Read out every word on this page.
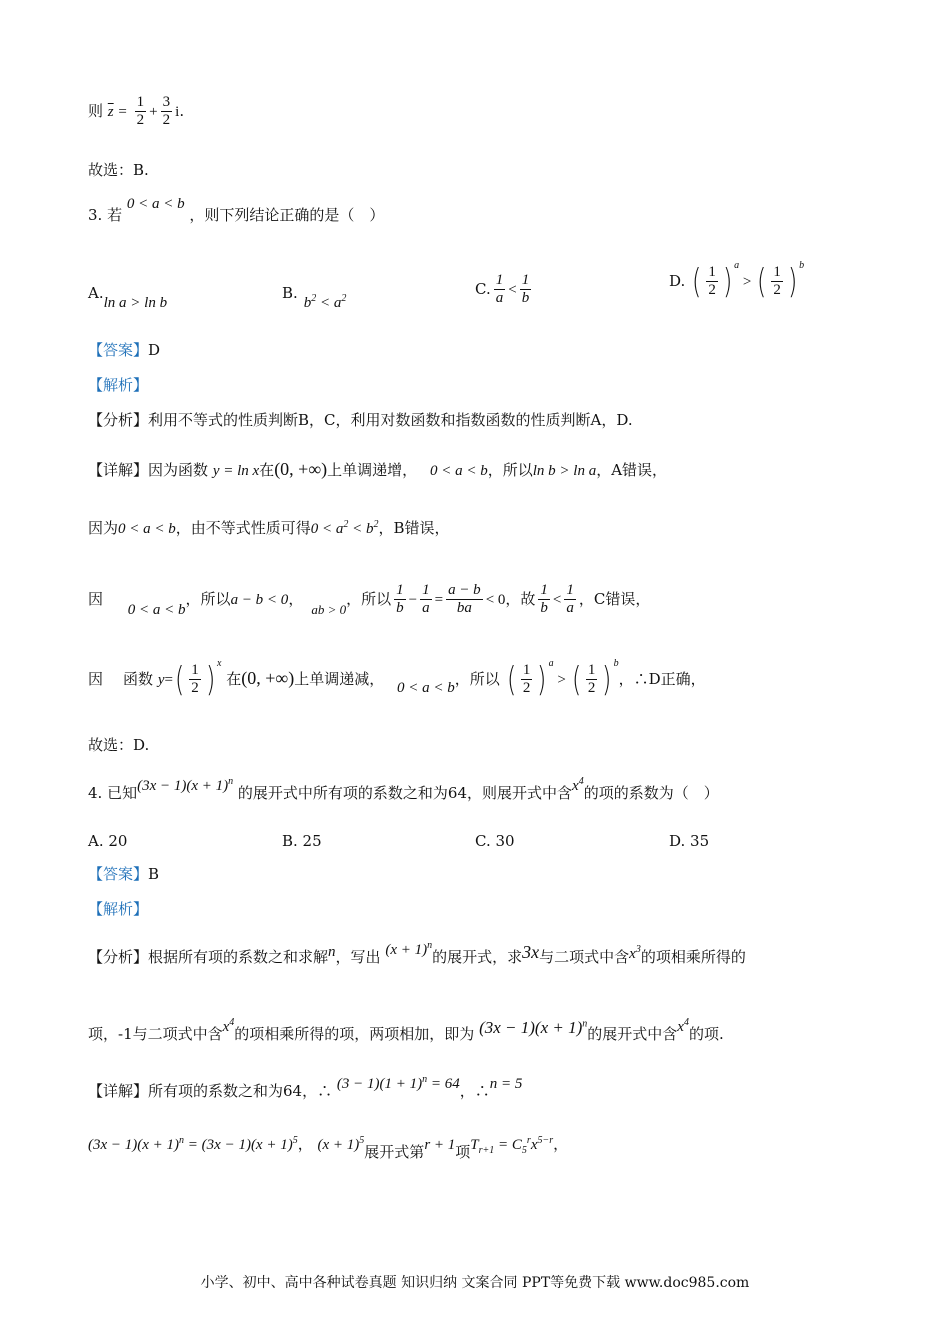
则 $\overline{z} = \frac{1}{2} + \frac{3}{2} i$.
故选：B.
3. 若 0 < a < b ，则下列结论正确的是（　）
A.ln a > ln b
$B.b^2 < a^2$
C. $\frac{1}{a} < \frac{1}{b}$	D. ( $\frac{1}{2}$ ) $^a$ > ( $\frac{1}{2}$ ) $^b$
【答案】D
【解析】
【分析】利用不等式的性质判断B，C，利用对数函数和指数函数的性质判断A，D.
【详解】因为函数 y = ln x在(0, +∞)上单调递增， 0 < a < b，所以ln b > ln a，A错误，
因为0 < a < b，由不等式性质可得$0 < a^2 < b^2$，B错误，
因 0 < a < b，所以a − b < 0，ab > 0，所以 $\frac{1}{b} - \frac{1}{a} = \frac{a - b}{ba} < 0$，故 $\frac{1}{b} < \frac{1}{a}$ ，C错误，
因 函数 y= ( $\frac{1}{2}$ ) $^x$ 在(0, +∞)上单调递减， 0 < a < b，所以 ( $\frac{1}{2}$ ) $^a$ > ( $\frac{1}{2}$ ) $^b$，∴D正确，
故选：D.
4. 已知$(3x - 1)(x + 1)^n$ 的展开式中所有项的系数之和为64，则展开式中含$x^4$的项的系数为（　）
A. 20	B. 25	C. 30	D. 35
【答案】B
【解析】
【分析】根据所有项的系数之和求解n，写出 $(x + 1)^n$的展开式，求3x与二项式中含$x^3$的项相乘所得的
项，-1与二项式中含$x^4$的项相乘所得的项，两项相加，即为 $(3x - 1)(x + 1)^n$的展开式中含$x^4$的项.
【详解】所有项的系数之和为64，∴ $(3 - 1)(1 + 1)^n = 64$，∴n = 5
$(3x - 1)(x + 1)^n = (3x - 1)(x + 1)^5$， $(x + 1)^5$展开式第r + 1项$T_{r+1} = C_5^rx^{5-r}$，
小学、初中、高中各种试卷真题 知识归纳 文案合同 PPT等免费下载 www.doc985.com
